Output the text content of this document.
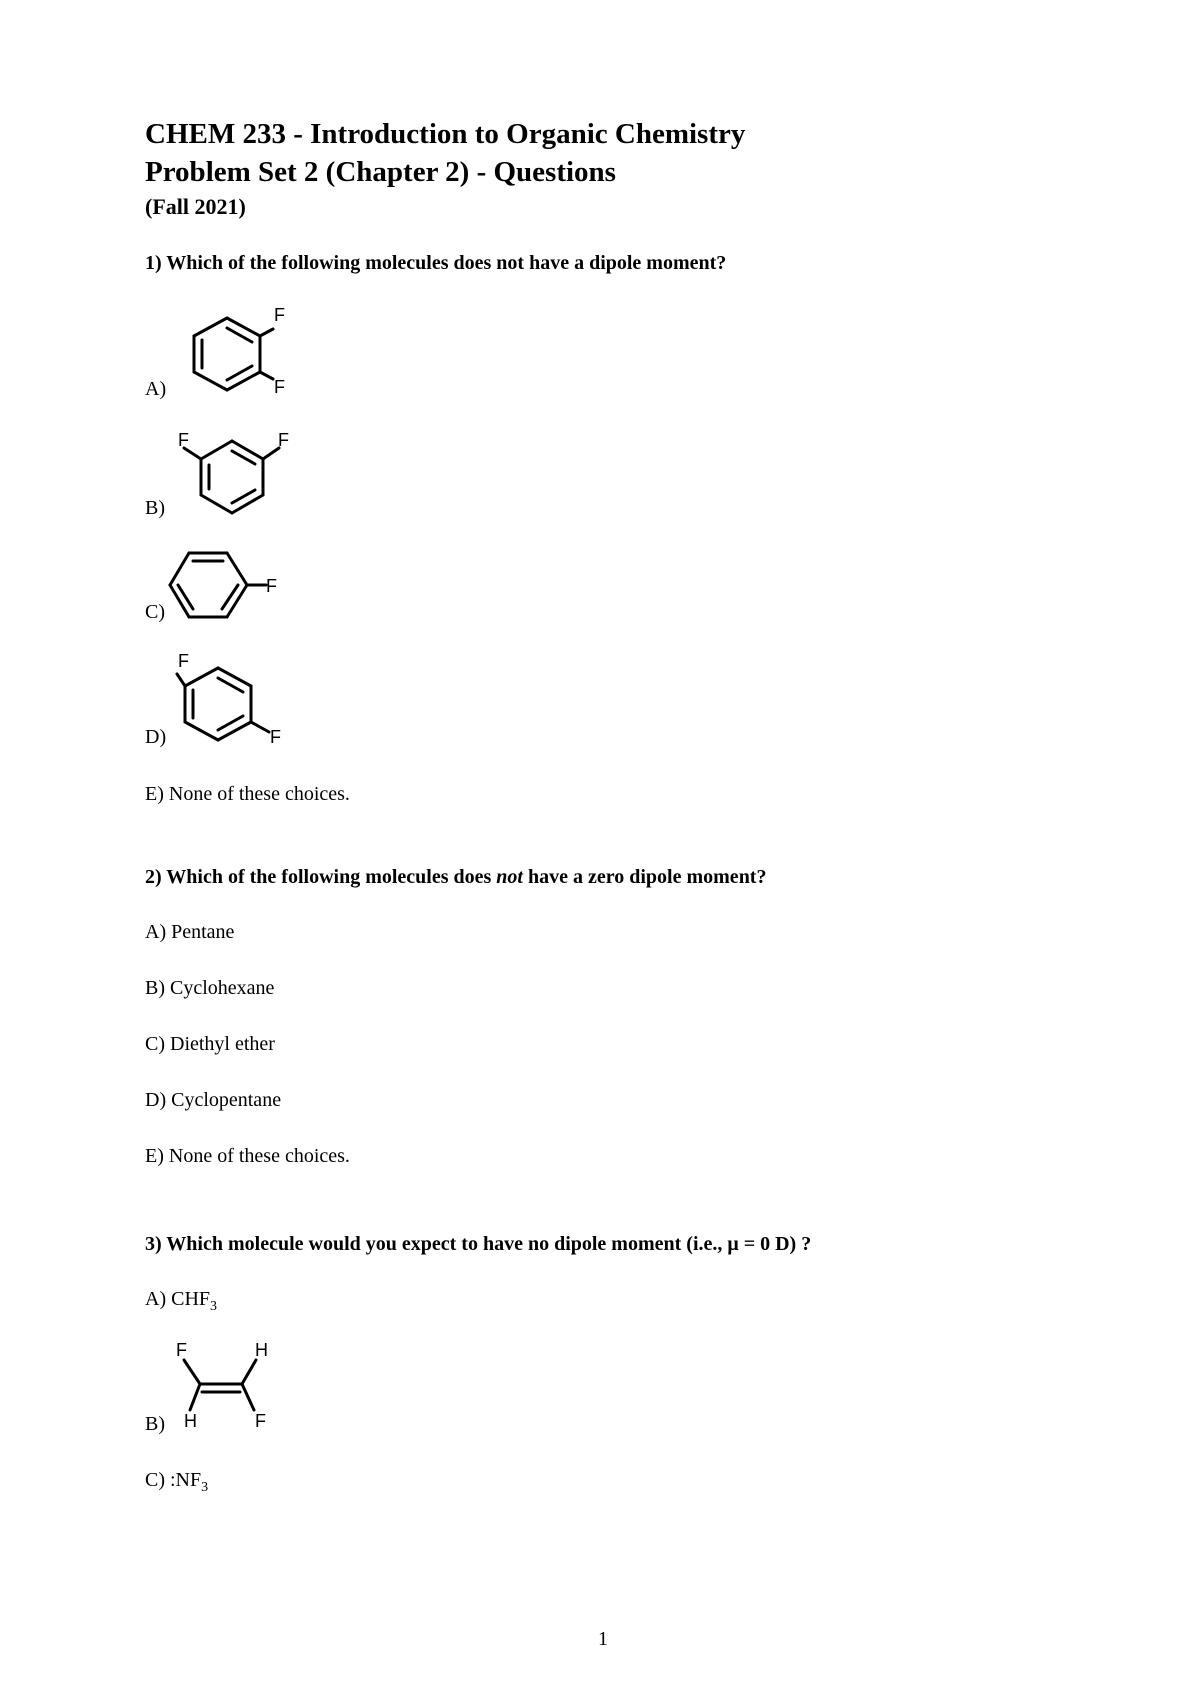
CHEM 233 - Introduction to Organic Chemistry
Problem Set 2 (Chapter 2) - Questions
(Fall 2021)
1) Which of the following molecules does not have a dipole moment?
A)
F
F
B)
F	F
C)
F
D)
F
F
E) None of these choices.
2) Which of the following molecules does not have a zero dipole moment?
A) Pentane
B) Cyclohexane
C) Diethyl ether
D) Cyclopentane
E) None of these choices.
3) Which molecule would you expect to have no dipole moment (i.e., μ = 0 D) ?
A) $CHF_3$
B)
F	H
H	F
C) $:NF_3$
1
